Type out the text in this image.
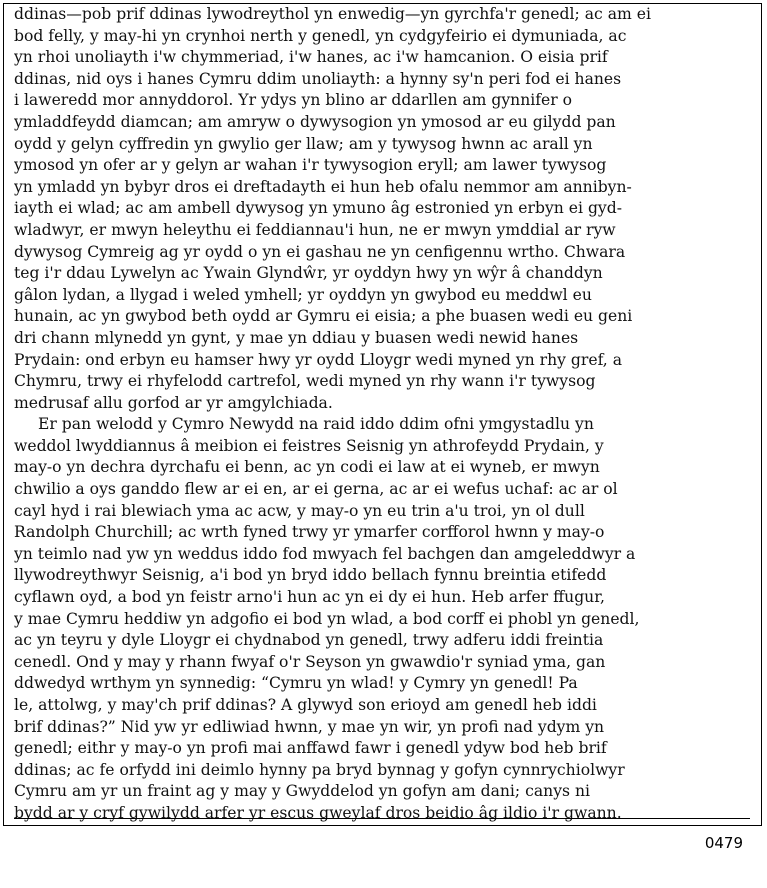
ddinas—pob prif ddinas lywodreythol yn enwedig—yn gyrchfa'r genedl; ac am ei
bod felly, y may-hi yn crynhoi nerth y genedl, yn cydgyfeirio ei dymuniada, ac
yn rhoi unoliayth i'w chymmeriad, i'w hanes, ac i'w hamcanion. O eisia prif
ddinas, nid oys i hanes Cymru ddim unoliayth: a hynny sy'n peri fod ei hanes
i laweredd mor annyddorol. Yr ydys yn blino ar ddarllen am gynnifer o
ymladdfeydd diamcan; am amryw o dywysogion yn ymosod ar eu gilydd pan
oydd y gelyn cyffredin yn gwylio ger llaw; am y tywysog hwnn ac arall yn
ymosod yn ofer ar y gelyn ar wahan i'r tywysogion eryll; am lawer tywysog
yn ymladd yn bybyr dros ei dreftadayth ei hun heb ofalu nemmor am annibyn-
iayth ei wlad; ac am ambell dywysog yn ymuno âg estronied yn erbyn ei gyd-
wladwyr, er mwyn heleythu ei feddiannau'i hun, ne er mwyn ymddial ar ryw
dywysog Cymreig ag yr oydd o yn ei gashau ne yn cenfigennu wrtho. Chwara
teg i'r ddau Lywelyn ac Ywain Glyndŵr, yr oyddyn hwy yn wŷr â chanddyn
gâlon lydan, a llygad i weled ymhell; yr oyddyn yn gwybod eu meddwl eu
hunain, ac yn gwybod beth oydd ar Gymru ei eisia; a phe buasen wedi eu geni
dri chann mlynedd yn gynt, y mae yn ddiau y buasen wedi newid hanes
Prydain: ond erbyn eu hamser hwy yr oydd Lloygr wedi myned yn rhy gref, a
Chymru, trwy ei rhyfelodd cartrefol, wedi myned yn rhy wann i'r tywysog
medrusaf allu gorfod ar yr amgylchiada.
Er pan welodd y Cymro Newydd na raid iddo ddim ofni ymgystadlu yn
weddol lwyddiannus â meibion ei feistres Seisnig yn athrofeydd Prydain, y
may-o yn dechra dyrchafu ei benn, ac yn codi ei law at ei wyneb, er mwyn
chwilio a oys ganddo flew ar ei en, ar ei gerna, ac ar ei wefus uchaf: ac ar ol
cayl hyd i rai blewiach yma ac acw, y may-o yn eu trin a'u troi, yn ol dull
Randolph Churchill; ac wrth fyned trwy yr ymarfer corfforol hwnn y may-o
yn teimlo nad yw yn weddus iddo fod mwyach fel bachgen dan amgeleddwyr a
llywodreythwyr Seisnig, a'i bod yn bryd iddo bellach fynnu breintia etifedd
cyflawn oyd, a bod yn feistr arno'i hun ac yn ei dy ei hun. Heb arfer ffugur,
y mae Cymru heddiw yn adgofio ei bod yn wlad, a bod corff ei phobl yn genedl,
ac yn teyru y dyle Lloygr ei chydnabod yn genedl, trwy adferu iddi freintia
cenedl. Ond y may y rhann fwyaf o'r Seyson yn gwawdio'r syniad yma, gan
ddwedyd wrthym yn synnedig: “Cymru yn wlad! y Cymry yn genedl! Pa
le, attolwg, y may'ch prif ddinas? A glywyd son erioyd am genedl heb iddi
brif ddinas?” Nid yw yr edliwiad hwnn, y mae yn wir, yn profi nad ydym yn
genedl; eithr y may-o yn profi mai anffawd fawr i genedl ydyw bod heb brif
ddinas; ac fe orfydd ini deimlo hynny pa bryd bynnag y gofyn cynnrychiolwyr
Cymru am yr un fraint ag y may y Gwyddelod yn gofyn am dani; canys ni
bydd ar y cryf gywilydd arfer yr escus gweylaf dros beidio âg ildio i'r gwann.
0479
